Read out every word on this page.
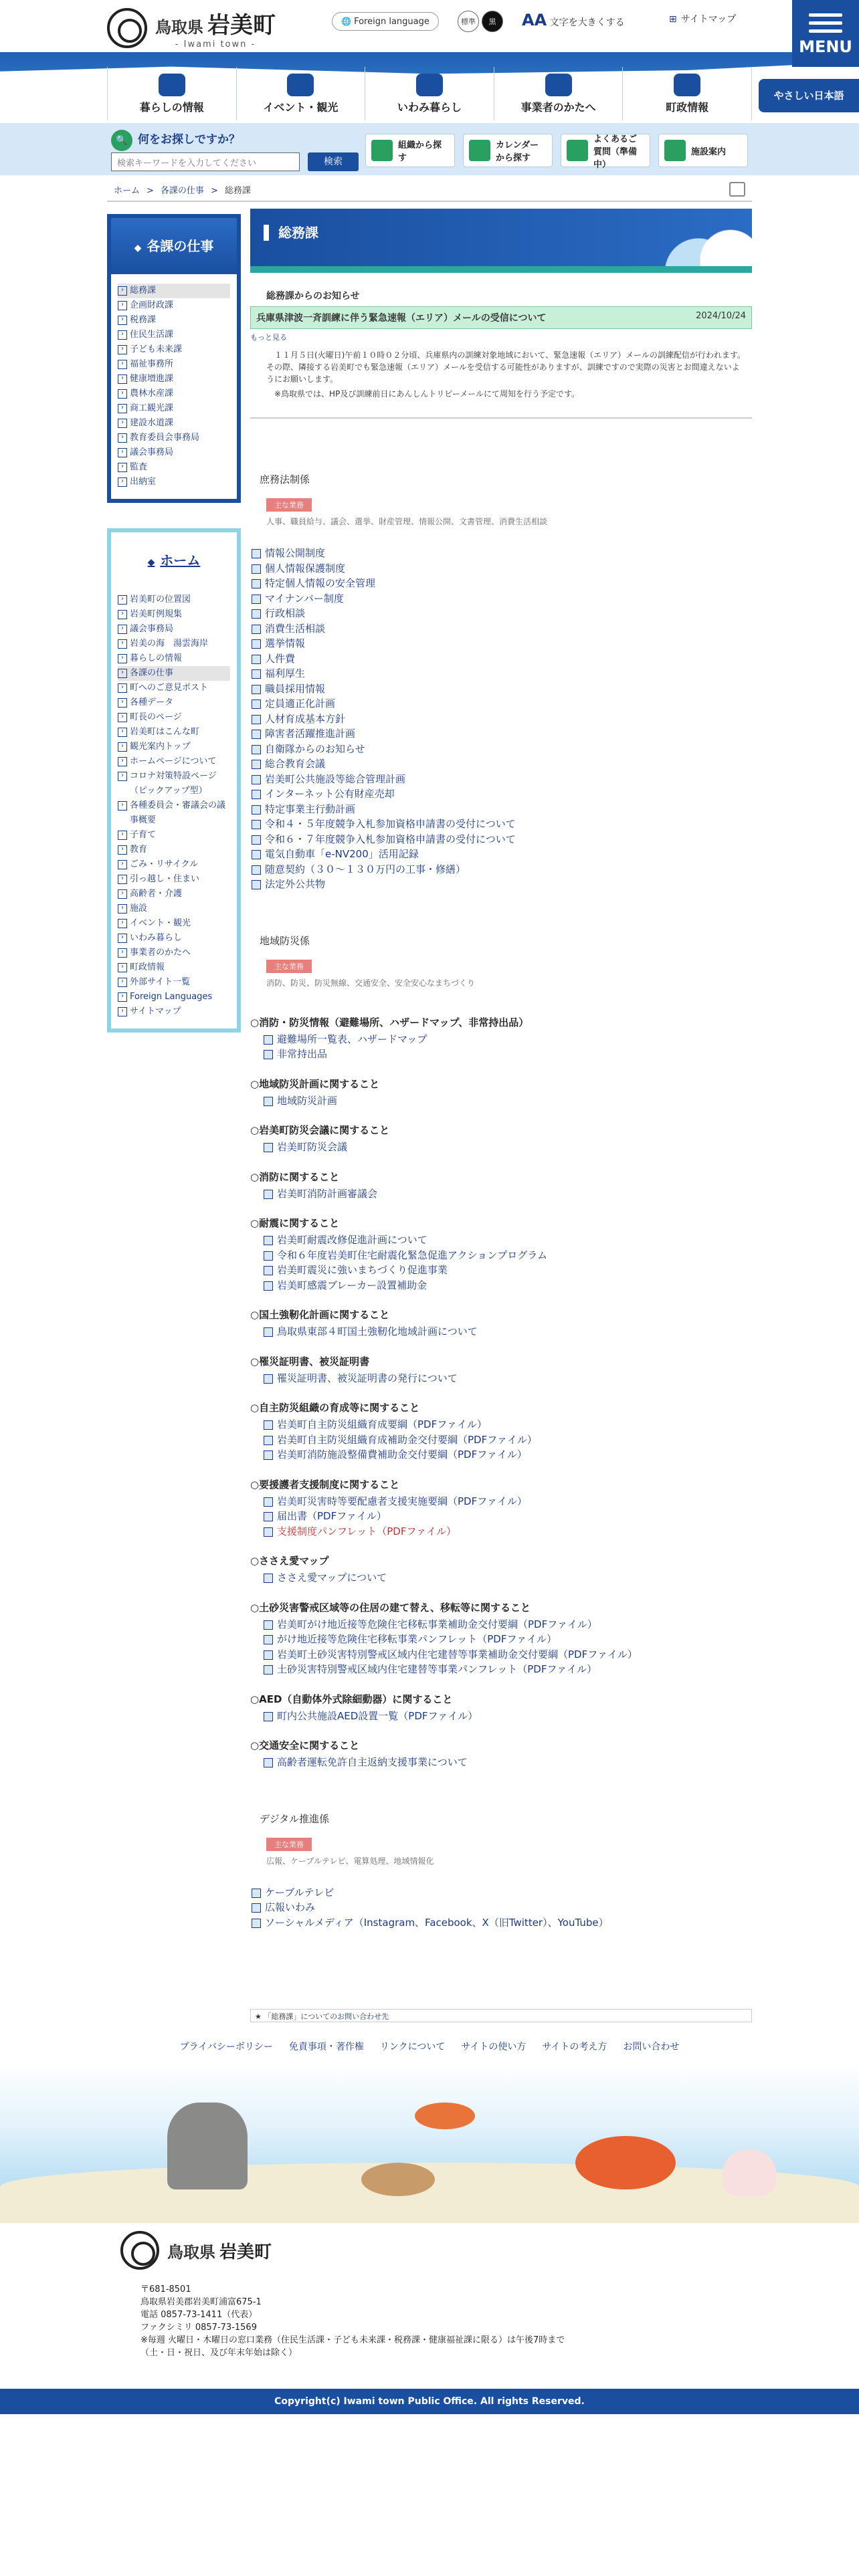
鳥取県 岩美町
- Iwami town -
🌐 Foreign language	標準	黒	AA 文字を大きくする	⊞ サイトマップ
MENU
暮らしの情報	イベント・観光	いわみ暮らし	事業者のかたへ	町政情報
やさしい日本語
🔍 何をお探しですか？
検索キーワードを入力してください	検索
組織から探す
カレンダーから探す
よくあるご質問（準備中）
施設案内
ホーム > 各課の仕事 > 総務課
◆ 各課の仕事
› 総務課
› 企画財政課
› 税務課
› 住民生活課
› 子ども未来課
› 福祉事務所
› 健康増進課
› 農林水産課
› 商工観光課
› 建設水道課
› 教育委員会事務局
› 議会事務局
› 監査
› 出納室
◆ ホーム
› 岩美町の位置図
› 岩美町例規集
› 議会事務局
› 岩美の海　湯雲海岸
› 暮らしの情報
› 各課の仕事
› 町へのご意見ポスト
› 各種データ
› 町長のページ
› 岩美町はこんな町
› 観光案内トップ
› ホームページについて
› コロナ対策特設ページ（ピックアップ型）
› 各種委員会・審議会の議事概要
› 子育て
› 教育
› ごみ・リサイクル
› 引っ越し・住まい
› 高齢者・介護
› 施設
› イベント・観光
› いわみ暮らし
› 事業者のかたへ
› 町政情報
› 外部サイト一覧
› Foreign Languages
› サイトマップ
総務課
総務課からのお知らせ
兵庫県津波一斉訓練に伴う緊急速報（エリア）メールの受信について	2024/10/24
もっと見る

　１１月５日(火曜日)午前１０時０２分頃、兵庫県内の訓練対象地域において、緊急速報（エリア）メールの訓練配信が行われます。その際、隣接する岩美町でも緊急速報（エリア）メールを受信する可能性がありますが、訓練ですので実際の災害とお間違えないようにお願いします。

　※鳥取県では、HP及び訓練前日にあんしんトリピーメールにて周知を行う予定です。

庶務法制係
主な業務
人事、職員給与、議会、選挙、財産管理、情報公開、文書管理、消費生活相談
情報公開制度
個人情報保護制度
特定個人情報の安全管理
マイナンバー制度
行政相談
消費生活相談
選挙情報
人件費
福利厚生
職員採用情報
定員適正化計画
人材育成基本方針
障害者活躍推進計画
自衛隊からのお知らせ
総合教育会議
岩美町公共施設等総合管理計画
インターネット公有財産売却
特定事業主行動計画
令和４・５年度競争入札参加資格申請書の受付について
令和６・７年度競争入札参加資格申請書の受付について
電気自動車「e-NV200」活用記録
随意契約（３０～１３０万円の工事・修繕）
法定外公共物
地域防災係
主な業務
消防、防災、防災無線、交通安全、安全安心なまちづくり
○消防・防災情報（避難場所、ハザードマップ、非常持出品）
避難場所一覧表、ハザードマップ
非常持出品
○地域防災計画に関すること
地域防災計画
○岩美町防災会議に関すること
岩美町防災会議
○消防に関すること
岩美町消防計画審議会
○耐震に関すること
岩美町耐震改修促進計画について
令和６年度岩美町住宅耐震化緊急促進アクションプログラム
岩美町震災に強いまちづくり促進事業
岩美町感震ブレーカー設置補助金
○国土強靭化計画に関すること
鳥取県東部４町国土強靭化地域計画について
○罹災証明書、被災証明書
罹災証明書、被災証明書の発行について
○自主防災組織の育成等に関すること
岩美町自主防災組織育成要綱（PDFファイル）
岩美町自主防災組織育成補助金交付要綱（PDFファイル）
岩美町消防施設整備費補助金交付要綱（PDFファイル）
○要援護者支援制度に関すること
岩美町災害時等要配慮者支援実施要綱（PDFファイル）
届出書（PDFファイル）
支援制度パンフレット（PDFファイル）
○ささえ愛マップ
ささえ愛マップについて
○土砂災害警戒区域等の住居の建て替え、移転等に関すること
岩美町がけ地近接等危険住宅移転事業補助金交付要綱（PDFファイル）
がけ地近接等危険住宅移転事業パンフレット（PDFファイル）
岩美町土砂災害特別警戒区域内住宅建替等事業補助金交付要綱（PDFファイル）
土砂災害特別警戒区域内住宅建替等事業パンフレット（PDFファイル）
○AED（自動体外式除細動器）に関すること
町内公共施設AED設置一覧（PDFファイル）
○交通安全に関すること
高齢者運転免許自主返納支援事業について
デジタル推進係
主な業務
広報、ケーブルテレビ、電算処理、地域情報化
ケーブルテレビ
広報いわみ
ソーシャルメディア（Instagram、Facebook、X（旧Twitter）、YouTube）
★ 「総務課」についてのお問い合わせ先
プライバシーポリシー 免責事項・著作権 リンクについて サイトの使い方 サイトの考え方 お問い合わせ
鳥取県 岩美町
〒681-8501
鳥取県岩美郡岩美町浦富675-1
電話 0857-73-1411（代表）
ファクシミリ 0857-73-1569
※毎週 火曜日・木曜日の窓口業務（住民生活課・子ども未来課・税務課・健康福祉課に限る）は午後7時まで
（土・日・祝日、及び年末年始は除く）
Copyright(c) Iwami town Public Office. All rights Reserved.
